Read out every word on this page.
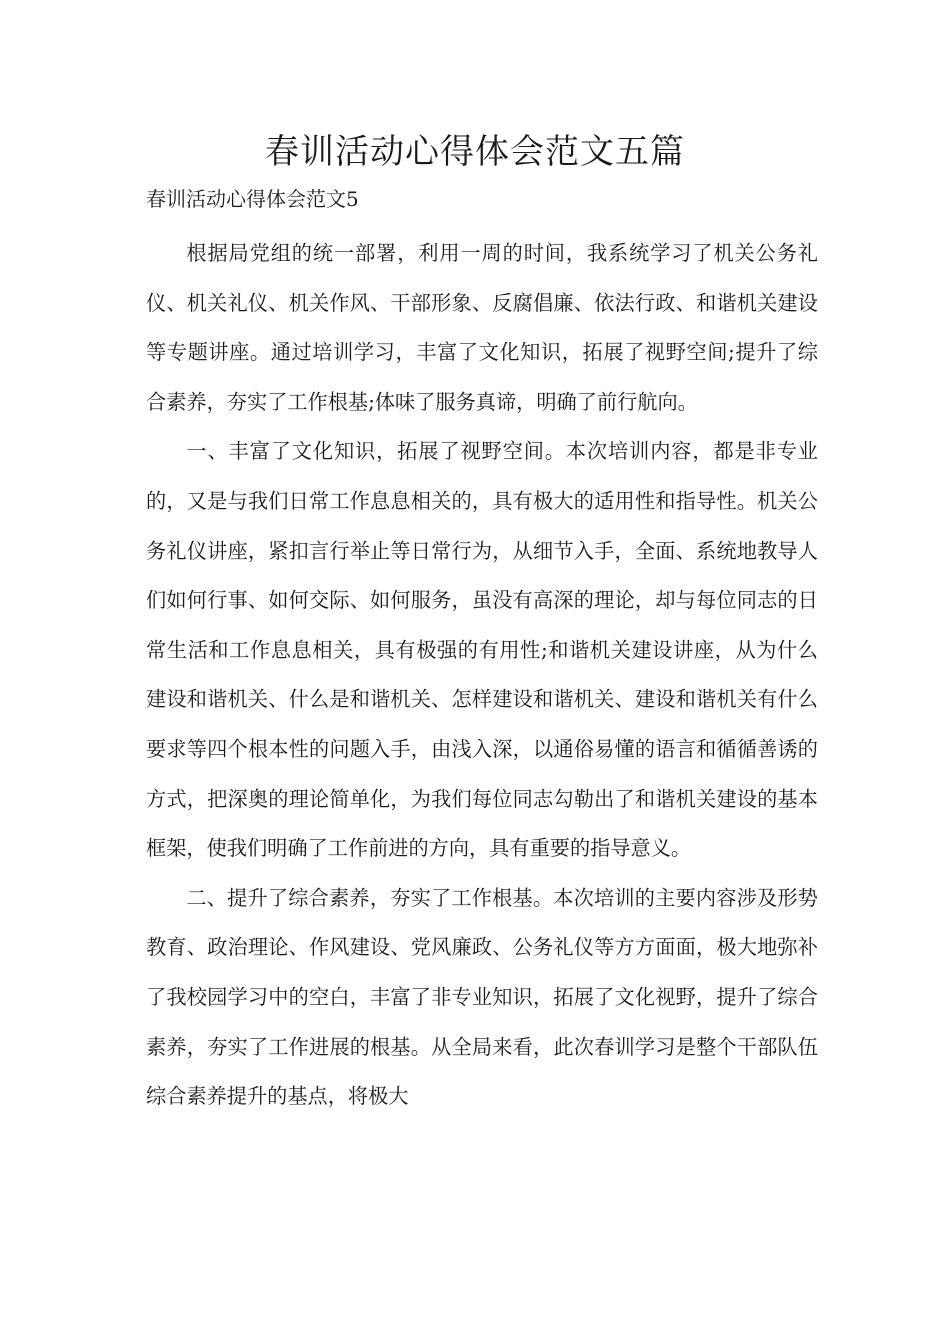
春训活动心得体会范文五篇

春训活动心得体会范文5

根据局党组的统一部署，利用一周的时间，我系统学习了机关公务礼仪、机关礼仪、机关作风、干部形象、反腐倡廉、依法行政、和谐机关建设等专题讲座。通过培训学习，丰富了文化知识，拓展了视野空间;提升了综合素养，夯实了工作根基;体味了服务真谛，明确了前行航向。

一、丰富了文化知识，拓展了视野空间。本次培训内容，都是非专业的，又是与我们日常工作息息相关的，具有极大的适用性和指导性。机关公务礼仪讲座，紧扣言行举止等日常行为，从细节入手，全面、系统地教导人们如何行事、如何交际、如何服务，虽没有高深的理论，却与每位同志的日常生活和工作息息相关，具有极强的有用性;和谐机关建设讲座，从为什么建设和谐机关、什么是和谐机关、怎样建设和谐机关、建设和谐机关有什么要求等四个根本性的问题入手，由浅入深，以通俗易懂的语言和循循善诱的方式，把深奥的理论简单化，为我们每位同志勾勒出了和谐机关建设的基本框架，使我们明确了工作前进的方向，具有重要的指导意义。

二、提升了综合素养，夯实了工作根基。本次培训的主要内容涉及形势教育、政治理论、作风建设、党风廉政、公务礼仪等方方面面，极大地弥补了我校园学习中的空白，丰富了非专业知识，拓展了文化视野，提升了综合素养，夯实了工作进展的根基。从全局来看，此次春训学习是整个干部队伍综合素养提升的基点，将极大
